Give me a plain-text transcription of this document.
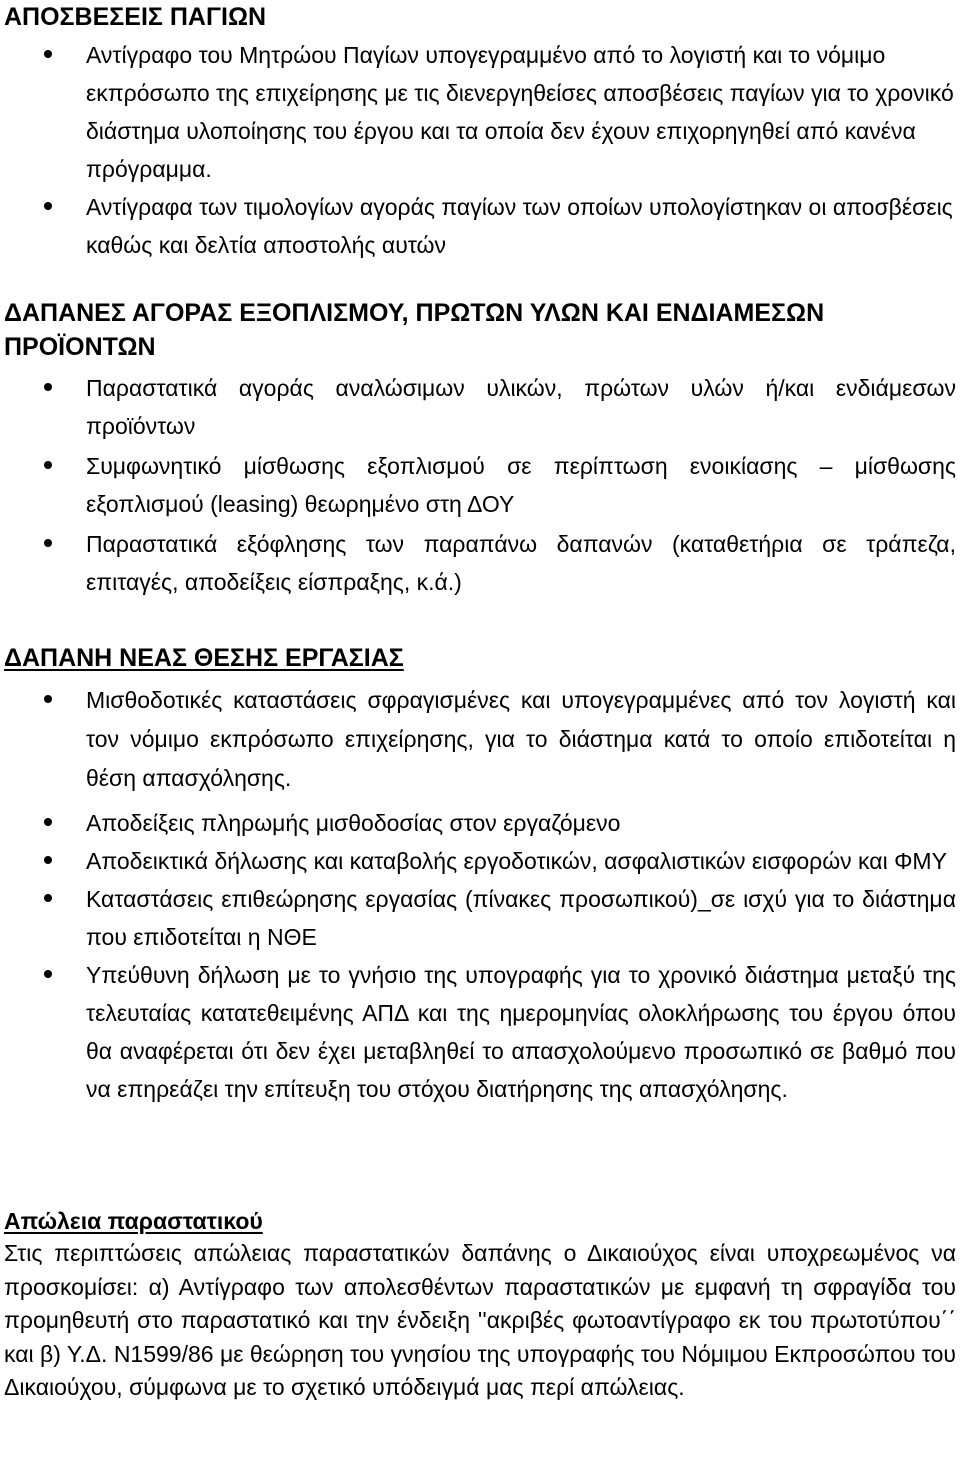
ΑΠΟΣΒΕΣΕΙΣ ΠΑΓΙΩΝ
Αντίγραφο του Μητρώου Παγίων υπογεγραμμένο από το λογιστή και το νόμιμο εκπρόσωπο της επιχείρησης με τις διενεργηθείσες αποσβέσεις παγίων για το χρονικό διάστημα υλοποίησης του έργου και τα οποία δεν έχουν επιχορηγηθεί από κανένα πρόγραμμα.
Αντίγραφα των τιμολογίων αγοράς παγίων των οποίων υπολογίστηκαν οι αποσβέσεις καθώς και δελτία αποστολής αυτών
ΔΑΠΑΝΕΣ ΑΓΟΡΑΣ ΕΞΟΠΛΙΣΜΟΥ, ΠΡΩΤΩΝ ΥΛΩΝ ΚΑΙ ΕΝΔΙΑΜΕΣΩΝ ΠΡΟΪΟΝΤΩΝ
Παραστατικά αγοράς αναλώσιμων υλικών, πρώτων υλών ή/και ενδιάμεσων προϊόντων
Συμφωνητικό μίσθωσης εξοπλισμού σε περίπτωση ενοικίασης – μίσθωσης εξοπλισμού (leasing) θεωρημένο στη ΔΟΥ
Παραστατικά εξόφλησης των παραπάνω δαπανών (καταθετήρια σε τράπεζα, επιταγές, αποδείξεις είσπραξης, κ.ά.)
ΔΑΠΑΝΗ ΝΕΑΣ ΘΕΣΗΣ ΕΡΓΑΣΙΑΣ
Μισθοδοτικές καταστάσεις σφραγισμένες και υπογεγραμμένες από τον λογιστή και τον νόμιμο εκπρόσωπο επιχείρησης, για το διάστημα κατά το οποίο επιδοτείται η θέση απασχόλησης.
Αποδείξεις πληρωμής μισθοδοσίας στον εργαζόμενο
Αποδεικτικά δήλωσης και καταβολής εργοδοτικών, ασφαλιστικών εισφορών και ΦΜΥ
Καταστάσεις επιθεώρησης εργασίας (πίνακες προσωπικού)_σε ισχύ για το διάστημα που επιδοτείται η ΝΘΕ
Υπεύθυνη δήλωση με το γνήσιο της υπογραφής για το χρονικό διάστημα μεταξύ της τελευταίας κατατεθειμένης ΑΠΔ και της ημερομηνίας ολοκλήρωσης του έργου όπου θα αναφέρεται ότι δεν έχει μεταβληθεί το απασχολούμενο προσωπικό σε βαθμό που να επηρεάζει την επίτευξη του στόχου διατήρησης της απασχόλησης.
Απώλεια παραστατικού

Στις περιπτώσεις απώλειας παραστατικών δαπάνης ο Δικαιούχος είναι υποχρεωμένος να προσκομίσει: α) Αντίγραφο των απολεσθέντων παραστατικών με εμφανή τη σφραγίδα του προμηθευτή στο παραστατικό και την ένδειξη ''ακριβές φωτοαντίγραφο εκ του πρωτοτύπου΄΄ και β) Υ.Δ. Ν1599/86 με θεώρηση του γνησίου της υπογραφής του Νόμιμου Εκπροσώπου του Δικαιούχου, σύμφωνα με το σχετικό υπόδειγμά μας περί απώλειας.
